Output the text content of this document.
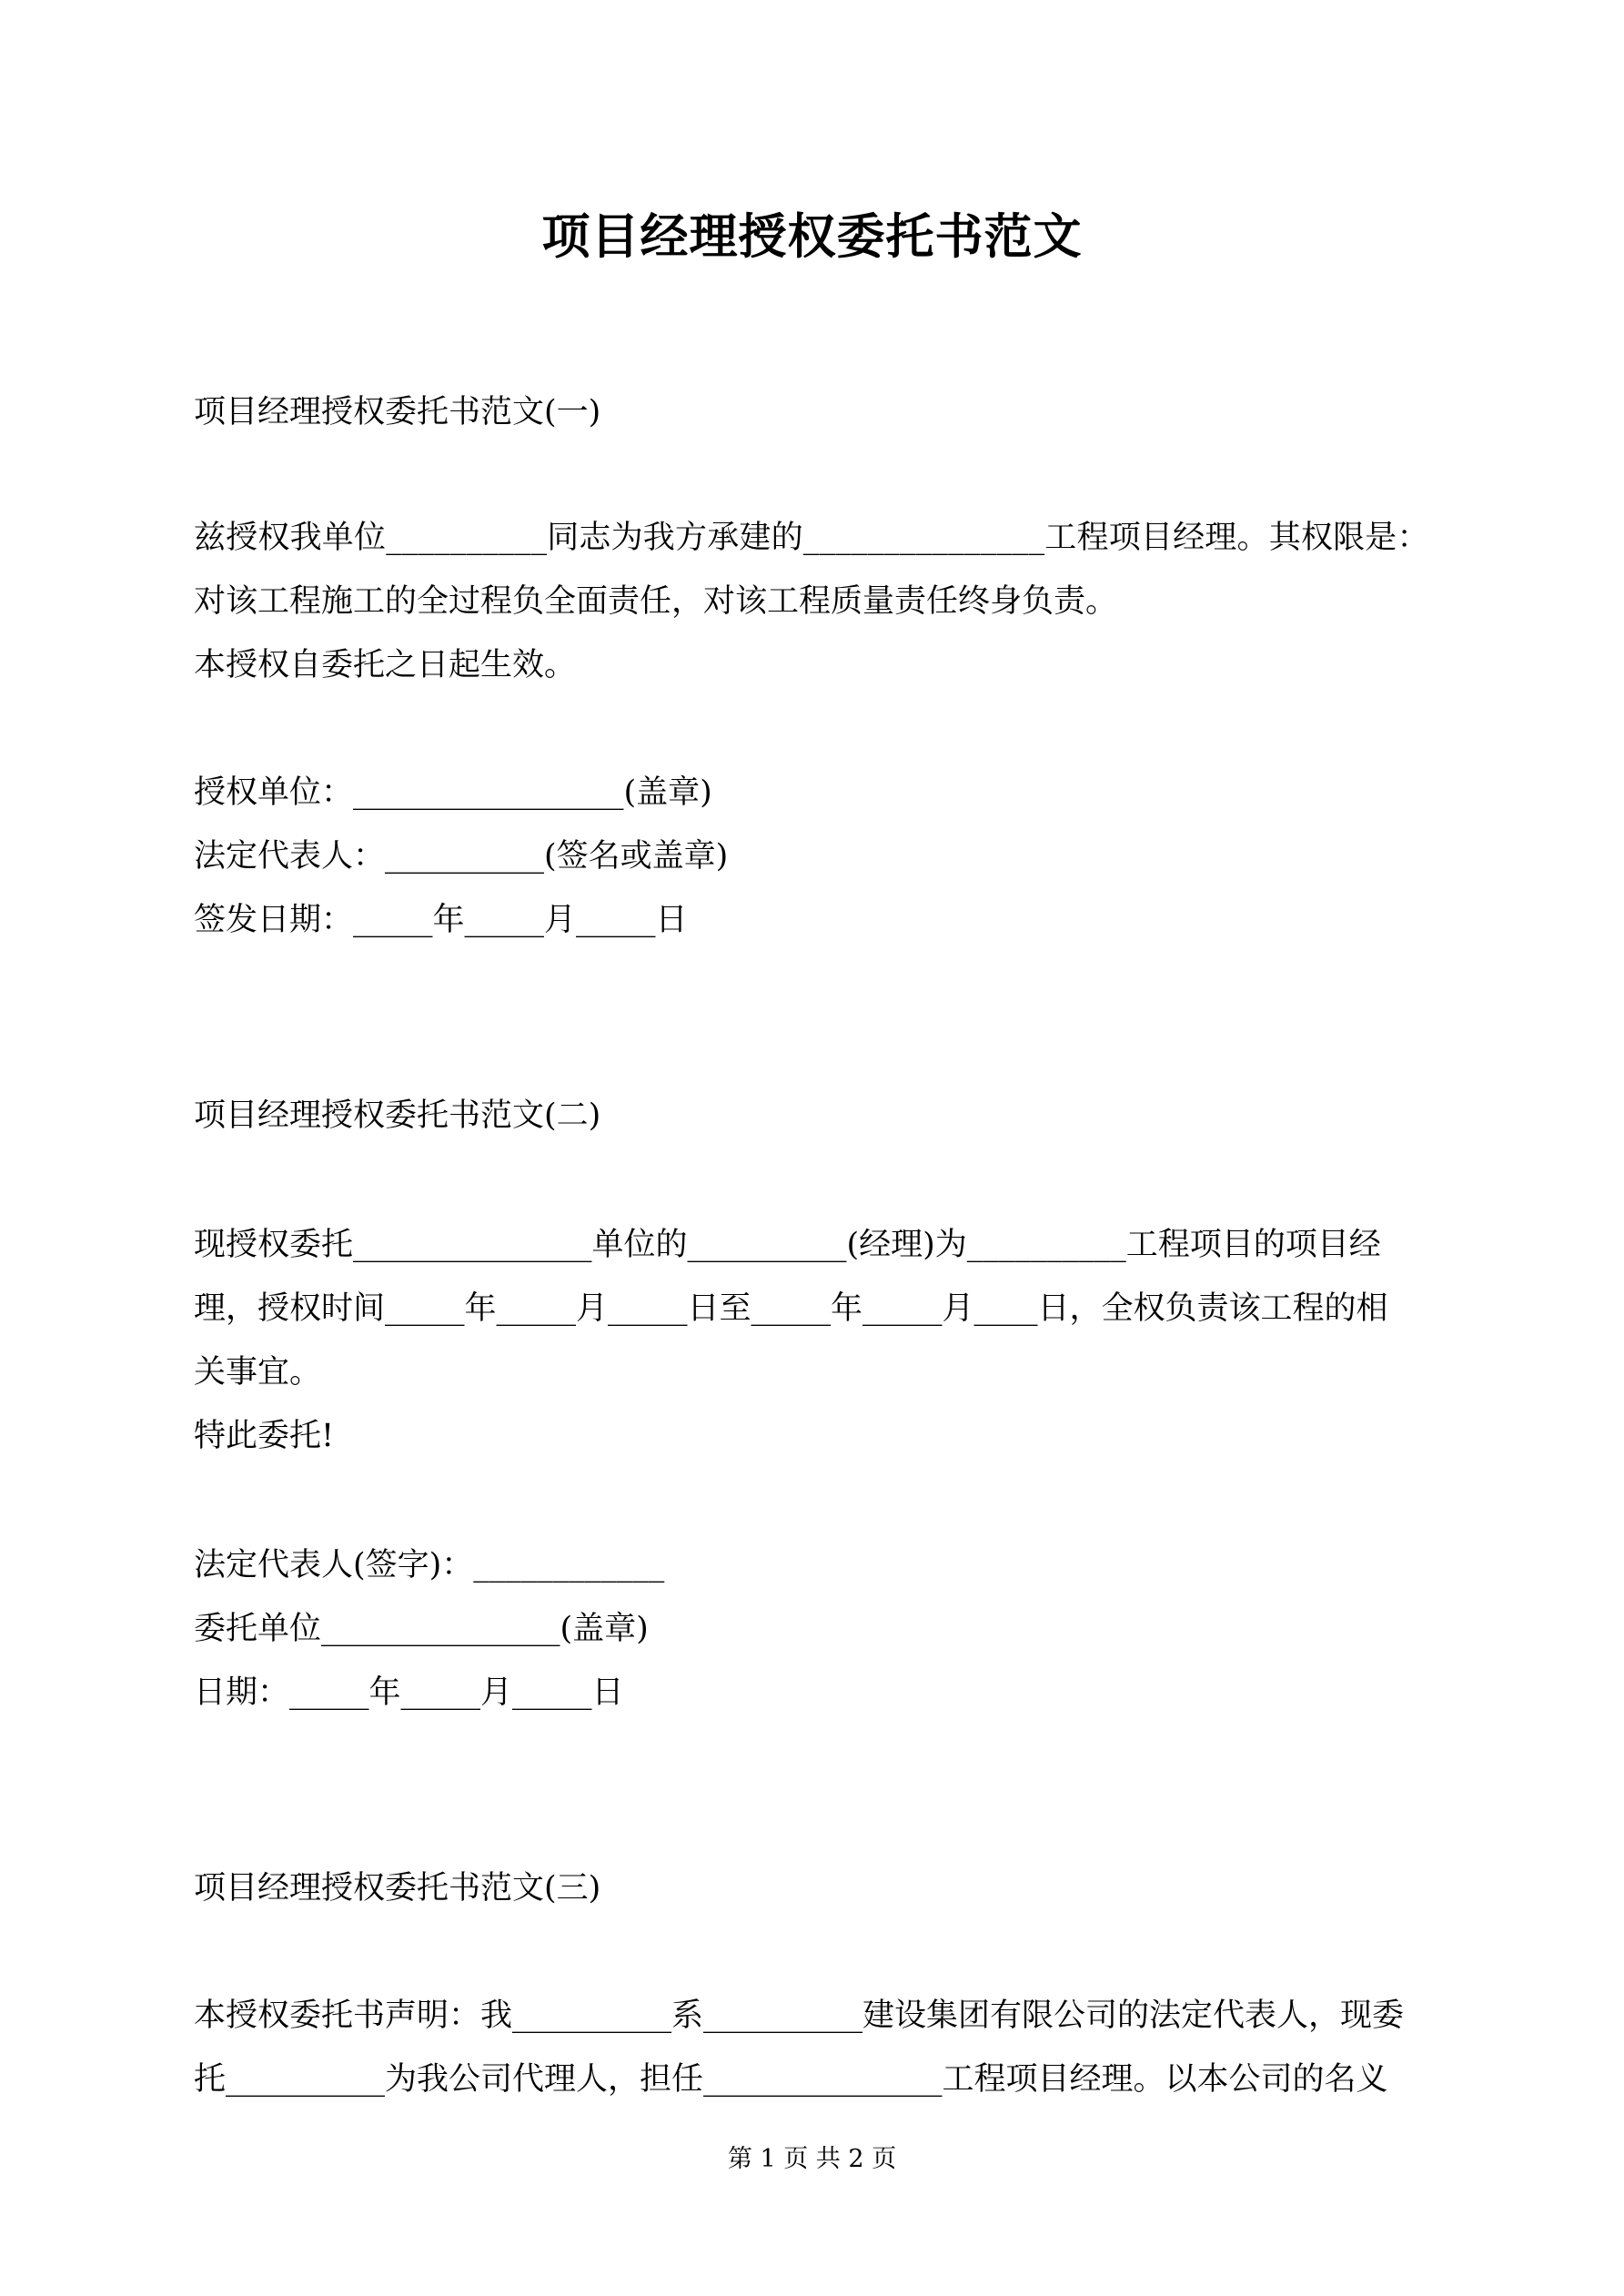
项目经理授权委托书范文
项目经理授权委托书范文(一)
兹授权我单位__________同志为我方承建的_______________工程项目经理。其权限是：
对该工程施工的全过程负全面责任，对该工程质量责任终身负责。
本授权自委托之日起生效。
授权单位：_________________(盖章)
法定代表人：__________(签名或盖章)
签发日期：_____年_____月_____日
项目经理授权委托书范文(二)
现授权委托_______________单位的__________(经理)为__________工程项目的项目经
理，授权时间_____年_____月_____日至_____年_____月____日，全权负责该工程的相
关事宜。
特此委托!
法定代表人(签字)：____________
委托单位_______________(盖章)
日期：_____年_____月_____日
项目经理授权委托书范文(三)
本授权委托书声明：我__________系__________建设集团有限公司的法定代表人，现委
托__________为我公司代理人，担任_______________工程项目经理。以本公司的名义
第 1 页 共 2 页
